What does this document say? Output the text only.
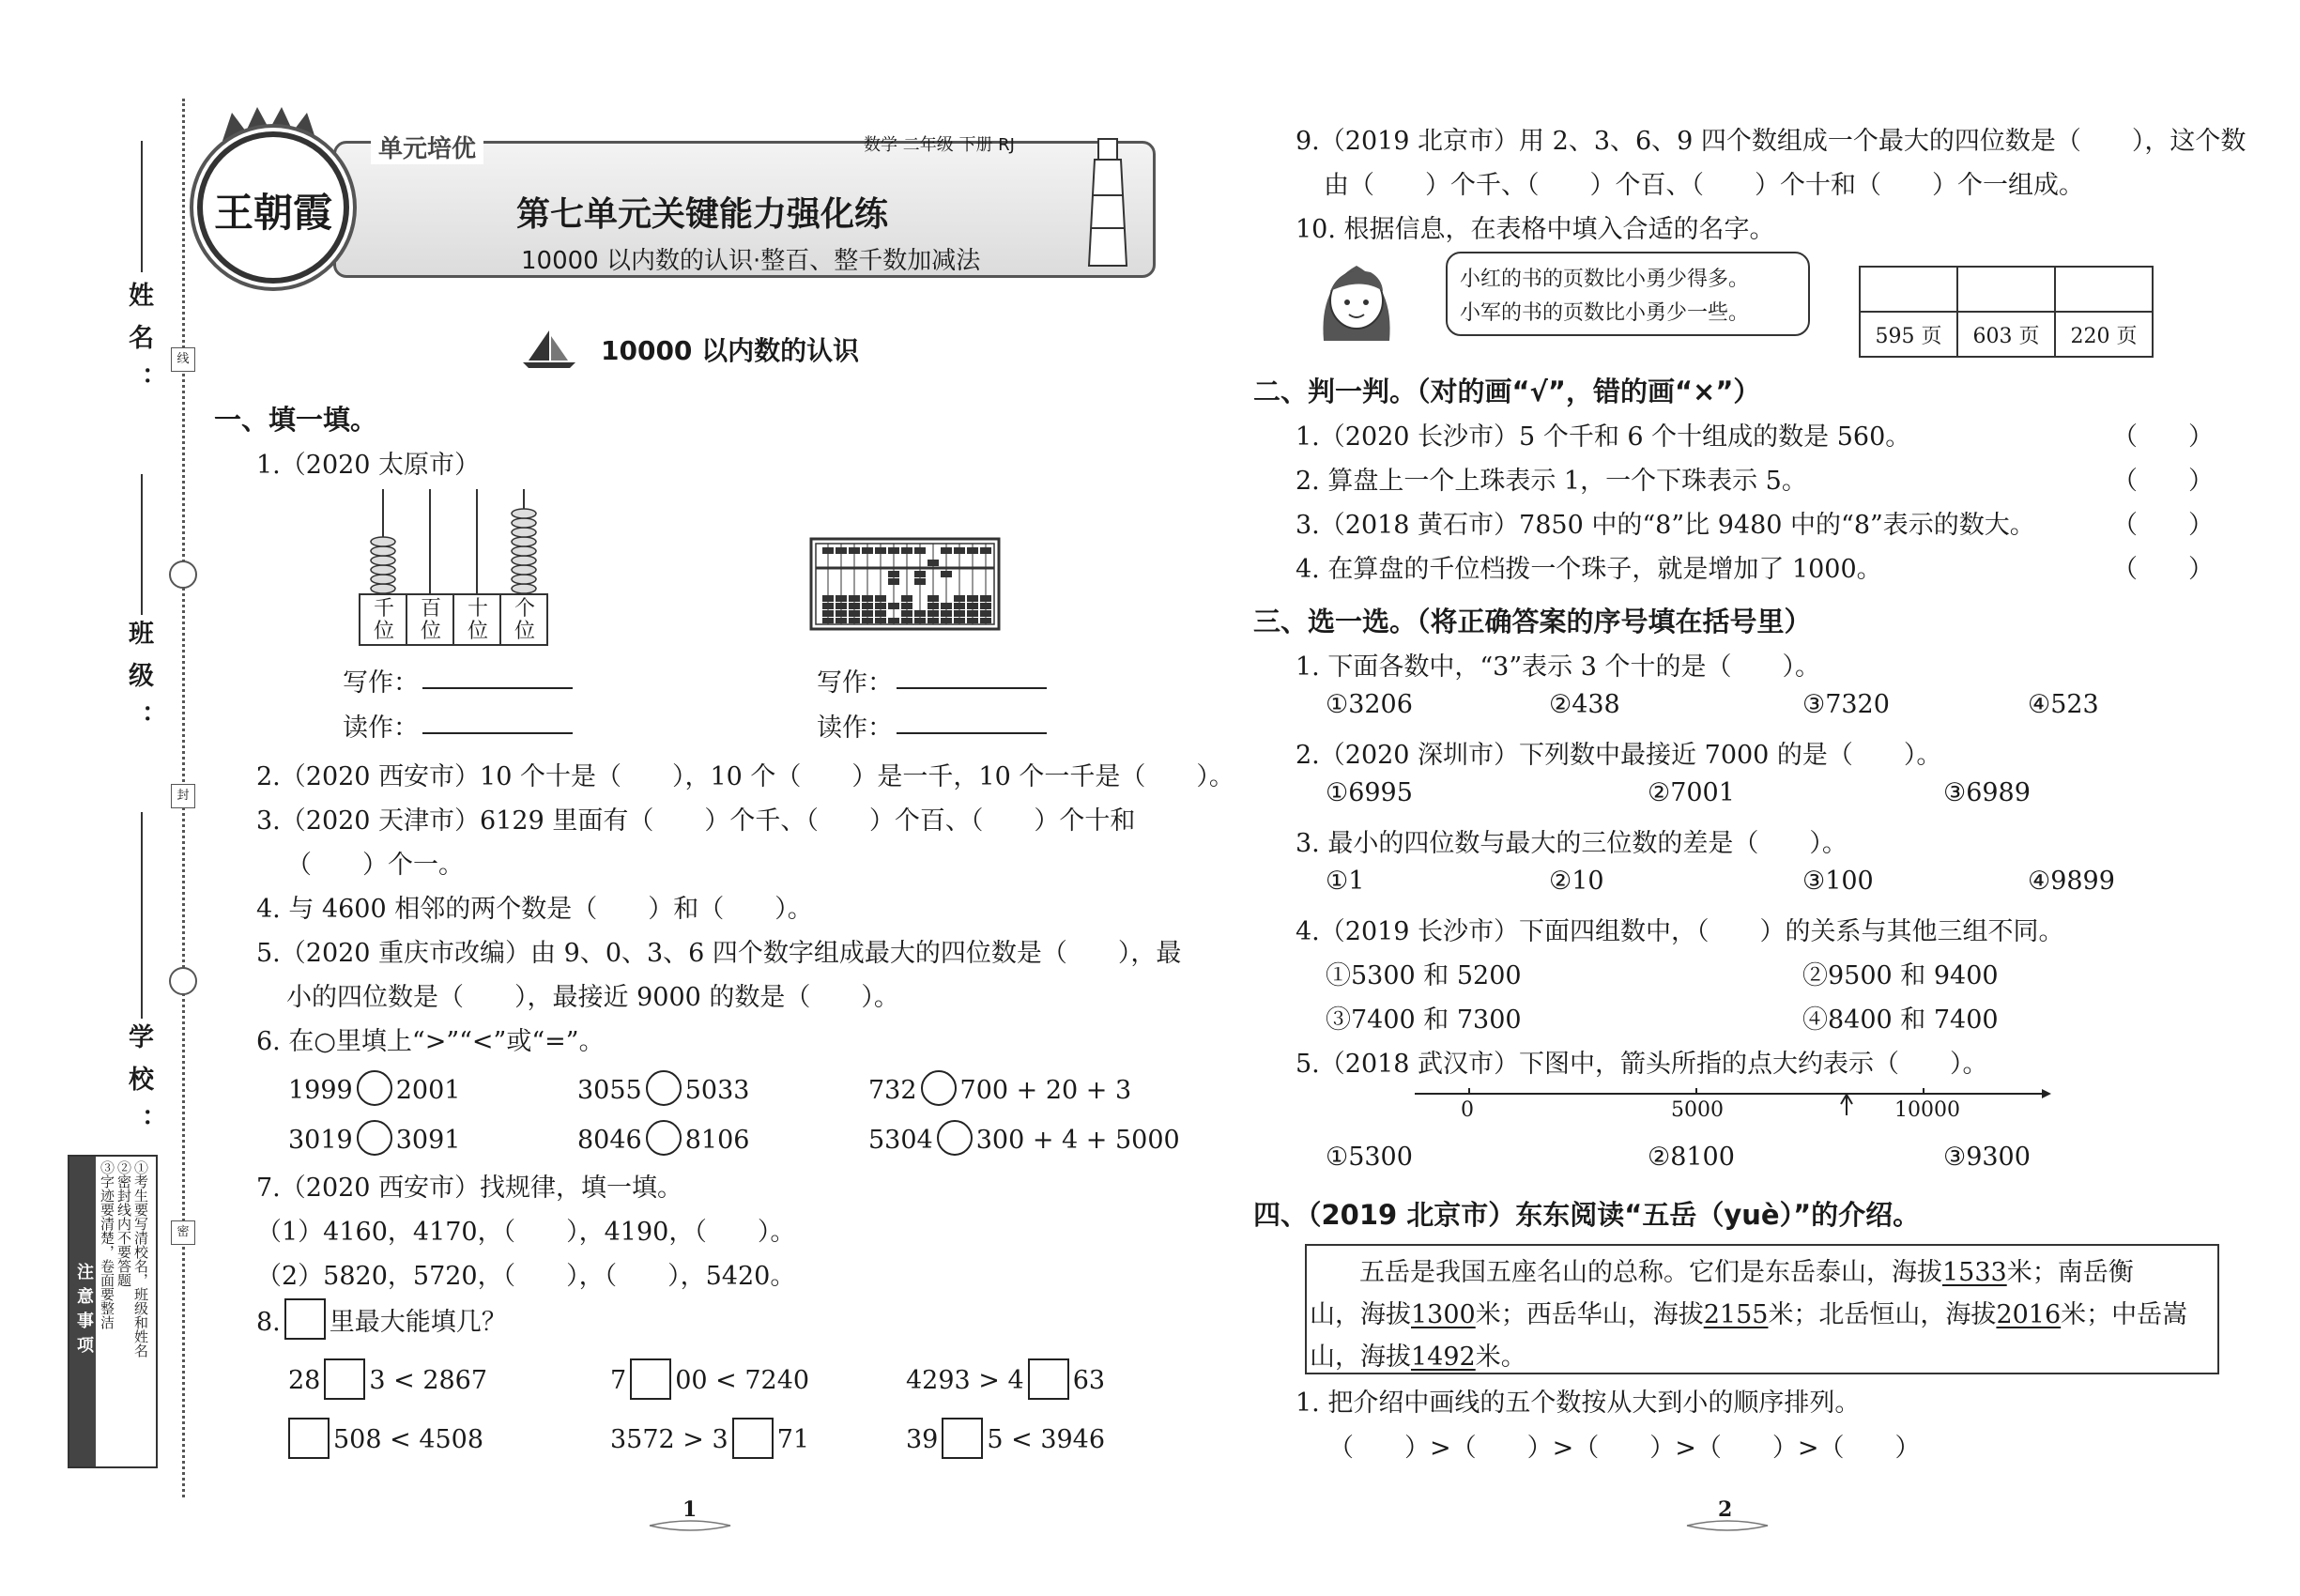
姓名：
班级：
学校：
线
封
密
注意事项	①考生要写清校名，班级和姓名
②密封线内不要答题
③字迹要清楚，卷面要整洁
王朝霞
单元培优	数学 二年级 下册 RJ
第七单元关键能力强化练
10000 以内数的认识·整百、整千数加减法
10000 以内数的认识
一、填一填。
1.（2020 太原市）
千位
百位
十位
个位
写作：
读作：
写作：
读作：
2.（2020 西安市）10 个十是（　　），10 个（　　）是一千，10 个一千是（　　）。
3.（2020 天津市）6129 里面有（　　）个千、（　　）个百、（　　）个十和
（　　）个一。
4. 与 4600 相邻的两个数是（　　）和（　　）。
5.（2020 重庆市改编）由 9、0、3、6 四个数字组成最大的四位数是（　　），最
小的四位数是（　　），最接近 9000 的数是（　　）。
6. 在○里填上“>”“<”或“=”。
1999 2001	3055 5033	732 700 + 20 + 3
3019 3091	8046 8106	5304 300 + 4 + 5000
7.（2020 西安市）找规律，填一填。
（1）4160，4170，（　　），4190，（　　）。
（2）5820，5720，（　　），（　　），5420。
8. 里最大能填几？
28 3 < 2867	7 00 < 7240	4293 > 4 63
508 < 4508	3572 > 3 71	39 5 < 3946
1
9.（2019 北京市）用 2、3、6、9 四个数组成一个最大的四位数是（　　），这个数
由（　　）个千、（　　）个百、（　　）个十和（　　）个一组成。
10. 根据信息，在表格中填入合适的名字。
小红的书的页数比小勇少得多。
小军的书的页数比小勇少一些。

595 页	603 页	220 页
二、判一判。（对的画“√”，错的画“×”）
1.（2020 长沙市）5 个千和 6 个十组成的数是 560。	（　　）
2. 算盘上一个上珠表示 1，一个下珠表示 5。	（　　）
3.（2018 黄石市）7850 中的“8”比 9480 中的“8”表示的数大。	（　　）
4. 在算盘的千位档拨一个珠子，就是增加了 1000。	（　　）
三、选一选。（将正确答案的序号填在括号里）
1. 下面各数中，“3”表示 3 个十的是（　　）。
①3206	②438	③7320	④523
2.（2020 深圳市）下列数中最接近 7000 的是（　　）。
①6995	②7001	③6989
3. 最小的四位数与最大的三位数的差是（　　）。
①1	②10	③100	④9899
4.（2019 长沙市）下面四组数中，（　　）的关系与其他三组不同。
①5300 和 5200	②9500 和 9400
③7400 和 7300	④8400 和 7400
5.（2018 武汉市）下图中，箭头所指的点大约表示（　　）。
0	5000	10000
①5300	②8100	③9300
四、（2019 北京市）东东阅读“五岳（yuè）”的介绍。
五岳是我国五座名山的总称。它们是东岳泰山，海拔1533米；南岳衡
山，海拔1300米；西岳华山，海拔2155米；北岳恒山，海拔2016米；中岳嵩
山，海拔1492米。
1. 把介绍中画线的五个数按从大到小的顺序排列。
（　　）>（　　）>（　　）>（　　）>（　　）
2
